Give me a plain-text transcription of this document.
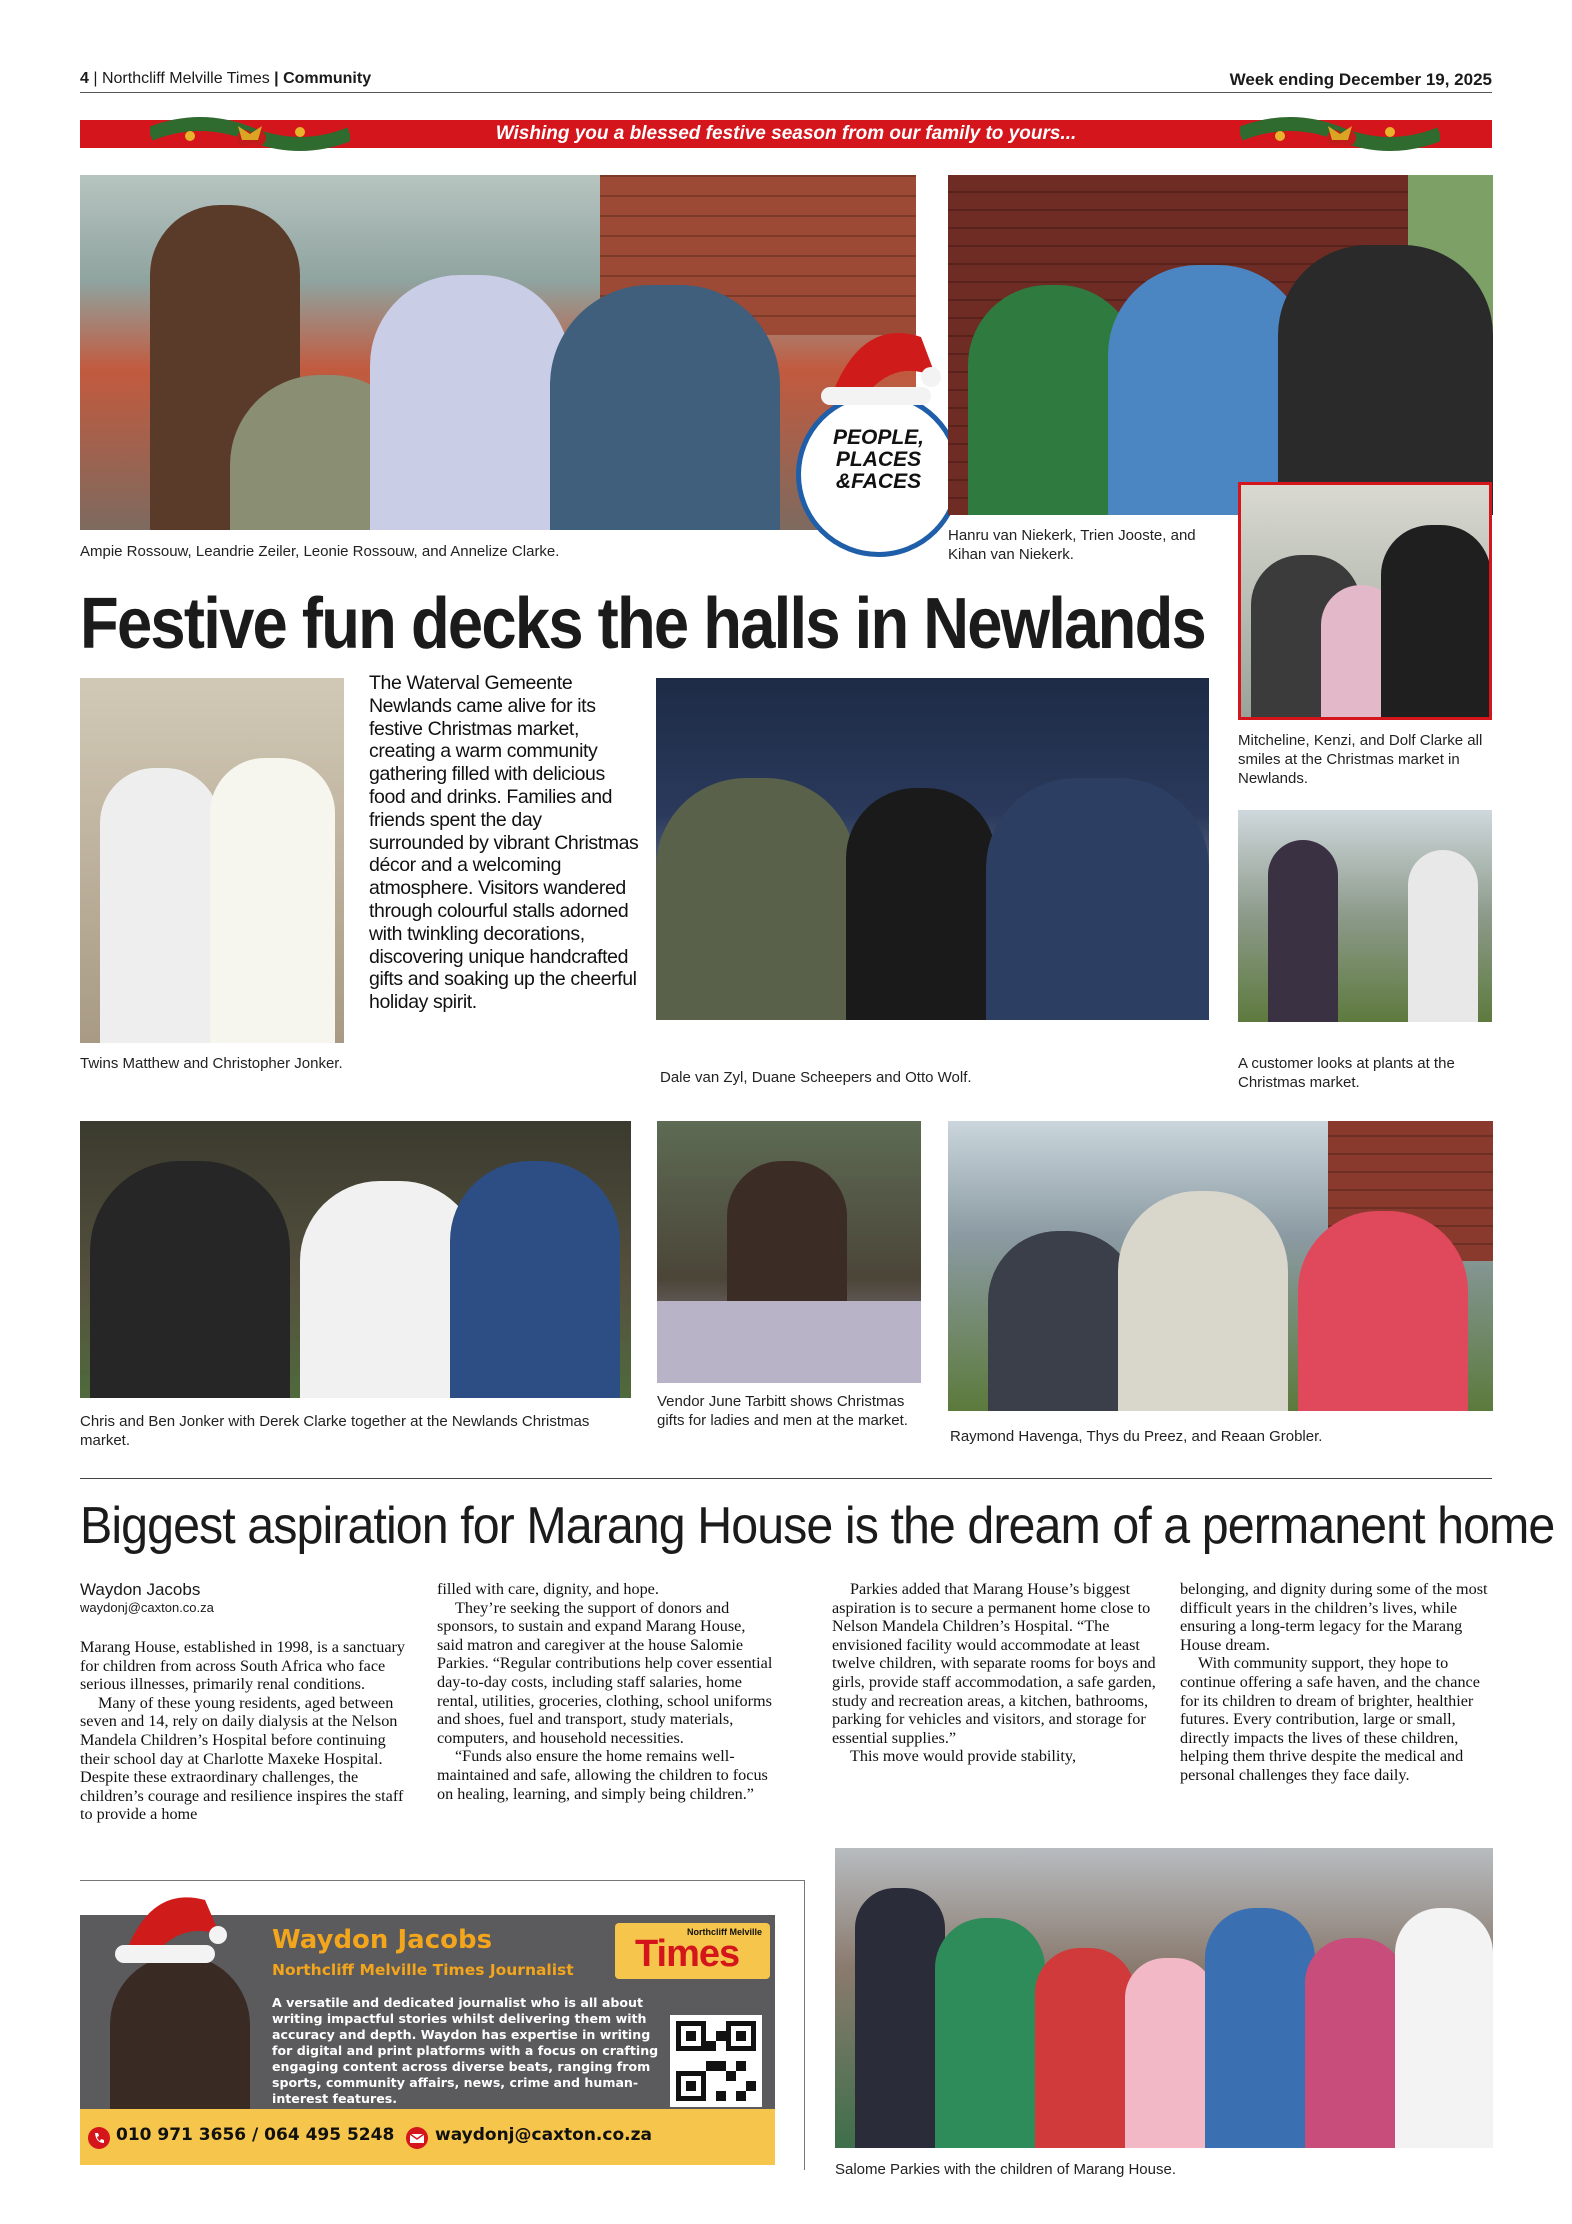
4 | Northcliff Melville Times | Community	Week ending December 19, 2025
Wishing you a blessed festive season from our family to yours...
Ampie Rossouw, Leandrie Zeiler, Leonie Rossouw, and Annelize Clarke.
PEOPLE,
PLACES
&FACES
Hanru van Niekerk, Trien Jooste, and Kihan van Niekerk.
Mitcheline, Kenzi, and Dolf Clarke all smiles at the Christmas market in Newlands.
Festive fun decks the halls in Newlands
Twins Matthew and Christopher Jonker.
The Waterval Gemeente Newlands came alive for its festive Christmas market, creating a warm community gathering filled with delicious food and drinks. Families and friends spent the day surrounded by vibrant Christmas décor and a welcoming atmosphere. Visitors wandered through colourful stalls adorned with twinkling decorations, discovering unique handcrafted gifts and soaking up the cheerful holiday spirit.
Dale van Zyl, Duane Scheepers and Otto Wolf.
A customer looks at plants at the Christmas market.
Chris and Ben Jonker with Derek Clarke together at the Newlands Christmas market.
Vendor June Tarbitt shows Christmas gifts for ladies and men at the market.
Raymond Havenga, Thys du Preez, and Reaan Grobler.
Biggest aspiration for Marang House is the dream of a permanent home
Waydon Jacobs
waydonj@caxton.co.za

Marang House, established in 1998, is a sanctuary for children from across South Africa who face serious illnesses, primarily renal conditions.

Many of these young residents, aged between seven and 14, rely on daily dialysis at the Nelson Mandela Children’s Hospital before continuing their school day at Charlotte Maxeke Hospital. Despite these extraordinary challenges, the children’s courage and resilience inspires the staff to provide a home

filled with care, dignity, and hope.

They’re seeking the support of donors and sponsors, to sustain and expand Marang House, said matron and caregiver at the house Salomie Parkies. “Regular contributions help cover essential day-to-day costs, including staff salaries, home rental, utilities, groceries, clothing, school uniforms and shoes, fuel and transport, study materials, computers, and household necessities.

“Funds also ensure the home remains well-maintained and safe, allowing the children to focus on healing, learning, and simply being children.”

Parkies added that Marang House’s biggest aspiration is to secure a permanent home close to Nelson Mandela Children’s Hospital. “The envisioned facility would accommodate at least twelve children, with separate rooms for boys and girls, provide staff accommodation, a safe garden, study and recreation areas, a kitchen, bathrooms, parking for vehicles and visitors, and storage for essential supplies.”

This move would provide stability,

belonging, and dignity during some of the most difficult years in the children’s lives, while ensuring a long-term legacy for the Marang House dream.

With community support, they hope to continue offering a safe haven, and the chance for its children to dream of brighter, healthier futures. Every contribution, large or small, directly impacts the lives of these children, helping them thrive despite the medical and personal challenges they face daily.

Salome Parkies with the children of Marang House.
Waydon Jacobs
Northcliff Melville Times Journalist
A versatile and dedicated journalist who is all about writing impactful stories whilst delivering them with accuracy and depth. Waydon has expertise in writing for digital and print platforms with a focus on crafting engaging content across diverse beats, ranging from sports, community affairs, news, crime and human-interest features.
Northcliff Melville
Times
010 971 3656 / 064 495 5248 waydonj@caxton.co.za
